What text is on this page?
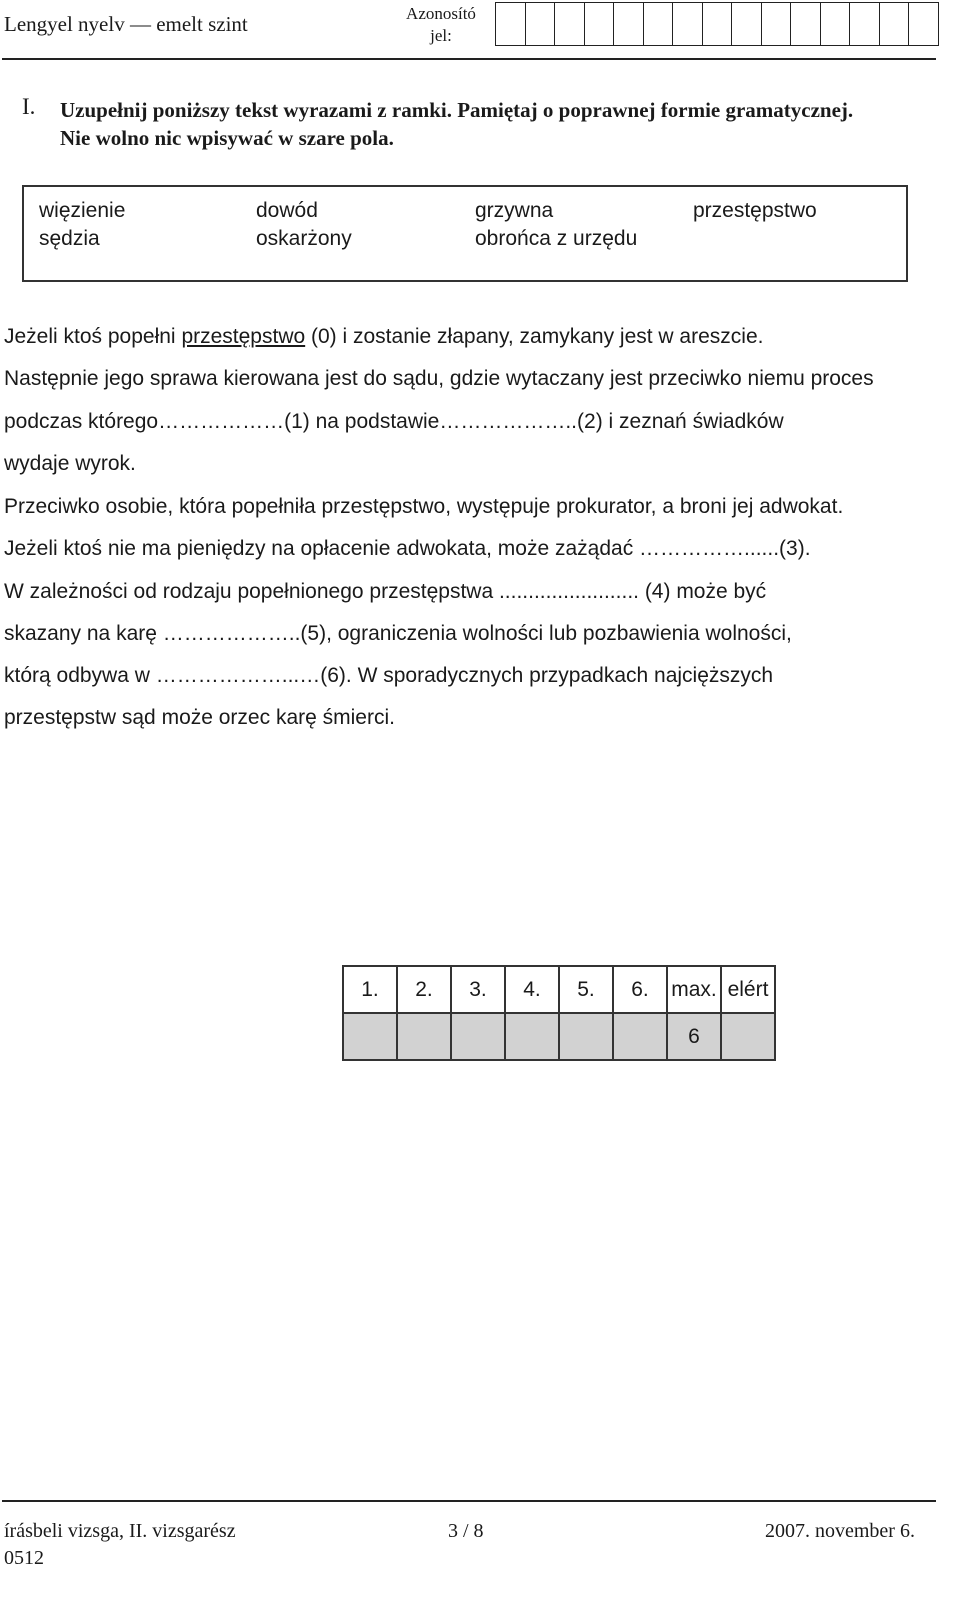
Lengyel nyelv — emelt szint	Azonosító jel:
I. Uzupełnij poniższy tekst wyrazami z ramki. Pamiętaj o poprawnej formie gramatycznej. Nie wolno nic wpisywać w szare pola.
więzienie	dowód	grzywna	przestępstwo
sędzia	oskarżony	obrońca z urzędu
Jeżeli ktoś popełni przestępstwo (0) i zostanie złapany, zamykany jest w areszcie.
Następnie jego sprawa kierowana jest do sądu, gdzie wytaczany jest przeciwko niemu proces
podczas którego………………(1) na podstawie………………..(2) i zeznań świadków
wydaje wyrok.
Przeciwko osobie, która popełniła przestępstwo, występuje prokurator, a broni jej adwokat.
Jeżeli ktoś nie ma pieniędzy na opłacenie adwokata, może zażądać ……………......(3).
W zależności od rodzaju popełnionego przestępstwa ........................ (4) może być
skazany na karę ………………..(5), ograniczenia wolności lub pozbawienia wolności,
którą odbywa w ………………...…(6). W sporadycznych przypadkach najcięższych
przestępstw sąd może orzec karę śmierci.
1.	2.	3.	4.	5.	6.	max.	elért
						6	
írásbeli vizsga, II. vizsgarész
0512
3 / 8	2007. november 6.
